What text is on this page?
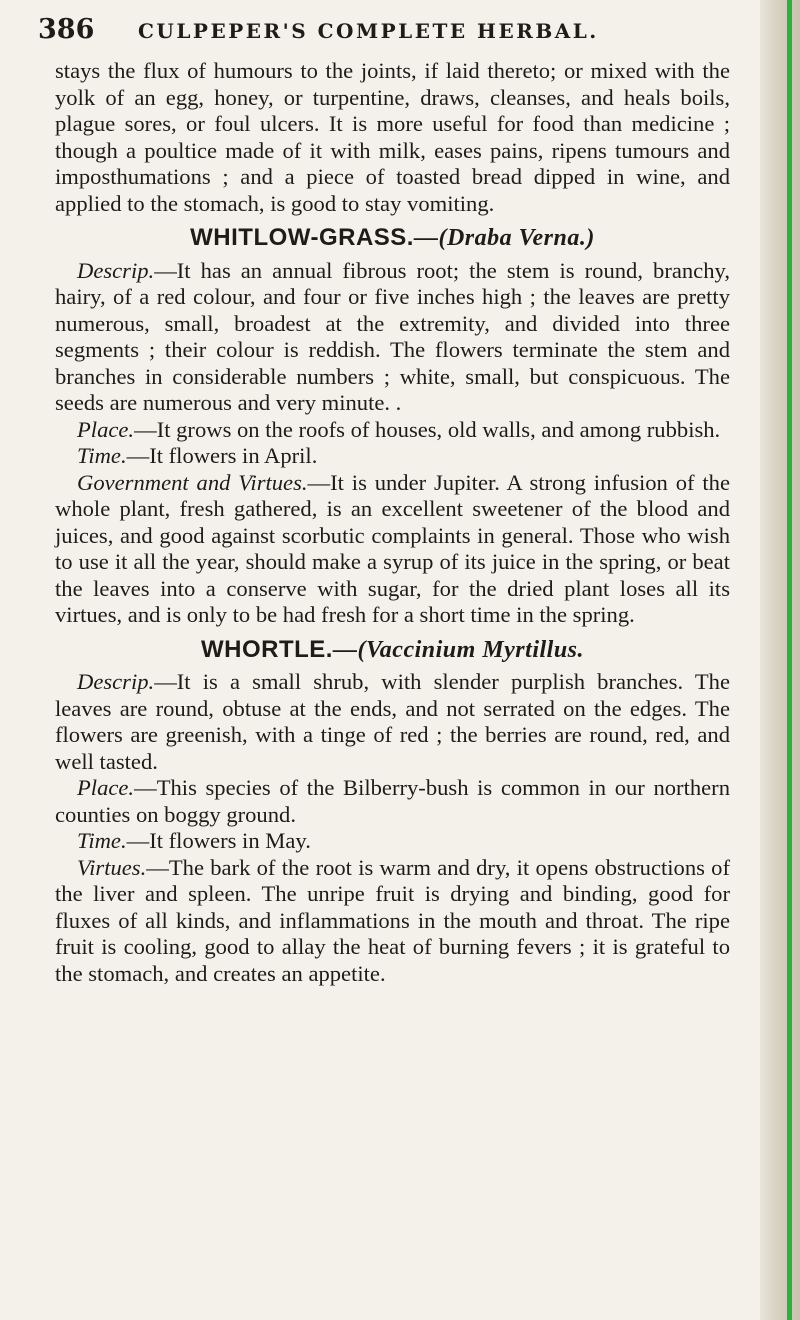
386 CULPEPER'S COMPLETE HERBAL.

stays the flux of humours to the joints, if laid thereto; or mixed with the yolk of an egg, honey, or turpentine, draws, cleanses, and heals boils, plague sores, or foul ulcers. It is more useful for food than medicine ; though a poultice made of it with milk, eases pains, ripens tumours and imposthumations ; and a piece of toasted bread dipped in wine, and applied to the stomach, is good to stay vomiting.

WHITLOW-GRASS.—(Draba Verna.)

Descrip.—It has an annual fibrous root; the stem is round, branchy, hairy, of a red colour, and four or five inches high ; the leaves are pretty numerous, small, broadest at the extremity, and divided into three segments ; their colour is reddish. The flowers terminate the stem and branches in considerable numbers ; white, small, but conspicuous. The seeds are numerous and very minute. .

Place.—It grows on the roofs of houses, old walls, and among rubbish.

Time.—It flowers in April.

Government and Virtues.—It is under Jupiter. A strong infusion of the whole plant, fresh gathered, is an excellent sweetener of the blood and juices, and good against scorbutic complaints in general. Those who wish to use it all the year, should make a syrup of its juice in the spring, or beat the leaves into a conserve with sugar, for the dried plant loses all its virtues, and is only to be had fresh for a short time in the spring.

WHORTLE.—(Vaccinium Myrtillus.

Descrip.—It is a small shrub, with slender purplish branches. The leaves are round, obtuse at the ends, and not serrated on the edges. The flowers are greenish, with a tinge of red ; the berries are round, red, and well tasted.

Place.—This species of the Bilberry-bush is common in our northern counties on boggy ground.

Time.—It flowers in May.

Virtues.—The bark of the root is warm and dry, it opens obstructions of the liver and spleen. The unripe fruit is drying and binding, good for fluxes of all kinds, and inflammations in the mouth and throat. The ripe fruit is cooling, good to allay the heat of burning fevers ; it is grateful to the stomach, and creates an appetite.
